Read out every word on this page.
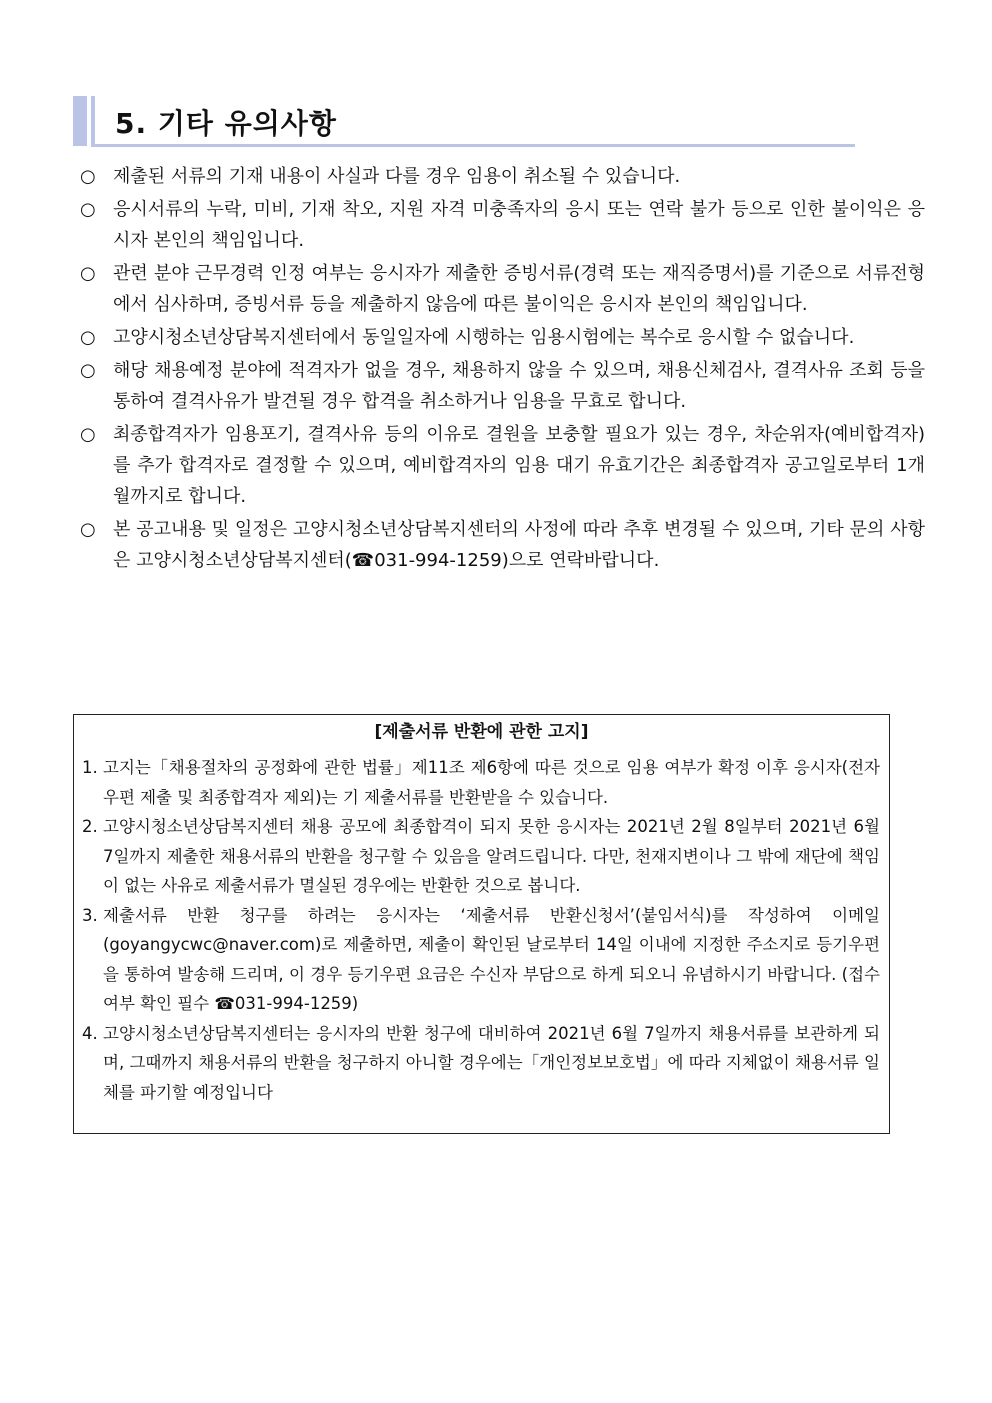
5. 기타 유의사항
○ 제출된 서류의 기재 내용이 사실과 다를 경우 임용이 취소될 수 있습니다.
○ 응시서류의 누락, 미비, 기재 착오, 지원 자격 미충족자의 응시 또는 연락 불가 등으로 인한 불이익은 응시자 본인의 책임입니다.
○ 관련 분야 근무경력 인정 여부는 응시자가 제출한 증빙서류(경력 또는 재직증명서)를 기준으로 서류전형에서 심사하며, 증빙서류 등을 제출하지 않음에 따른 불이익은 응시자 본인의 책임입니다.
○ 고양시청소년상담복지센터에서 동일일자에 시행하는 임용시험에는 복수로 응시할 수 없습니다.
○ 해당 채용예정 분야에 적격자가 없을 경우, 채용하지 않을 수 있으며, 채용신체검사, 결격사유 조회 등을 통하여 결격사유가 발견될 경우 합격을 취소하거나 임용을 무효로 합니다.
○ 최종합격자가 임용포기, 결격사유 등의 이유로 결원을 보충할 필요가 있는 경우, 차순위자(예비합격자)를 추가 합격자로 결정할 수 있으며, 예비합격자의 임용 대기 유효기간은 최종합격자 공고일로부터 1개월까지로 합니다.
○ 본 공고내용 및 일정은 고양시청소년상담복지센터의 사정에 따라 추후 변경될 수 있으며, 기타 문의 사항은 고양시청소년상담복지센터(☎031-994-1259)으로 연락바랍니다.
[제출서류 반환에 관한 고지]
1. 고지는「채용절차의 공정화에 관한 법률」제11조 제6항에 따른 것으로 임용 여부가 확정 이후 응시자(전자우편 제출 및 최종합격자 제외)는 기 제출서류를 반환받을 수 있습니다.
2. 고양시청소년상담복지센터 채용 공모에 최종합격이 되지 못한 응시자는 2021년 2월 8일부터 2021년 6월 7일까지 제출한 채용서류의 반환을 청구할 수 있음을 알려드립니다. 다만, 천재지변이나 그 밖에 재단에 책임이 없는 사유로 제출서류가 멸실된 경우에는 반환한 것으로 봅니다.
3. 제출서류 반환 청구를 하려는 응시자는 ‘제출서류 반환신청서’(붙임서식)를 작성하여 이메일(goyangycwc@naver.com)로 제출하면, 제출이 확인된 날로부터 14일 이내에 지정한 주소지로 등기우편을 통하여 발송해 드리며, 이 경우 등기우편 요금은 수신자 부담으로 하게 되오니 유념하시기 바랍니다. (접수 여부 확인 필수 ☎031-994-1259)
4. 고양시청소년상담복지센터는 응시자의 반환 청구에 대비하여 2021년 6월 7일까지 채용서류를 보관하게 되며, 그때까지 채용서류의 반환을 청구하지 아니할 경우에는「개인정보보호법」에 따라 지체없이 채용서류 일체를 파기할 예정입니다
